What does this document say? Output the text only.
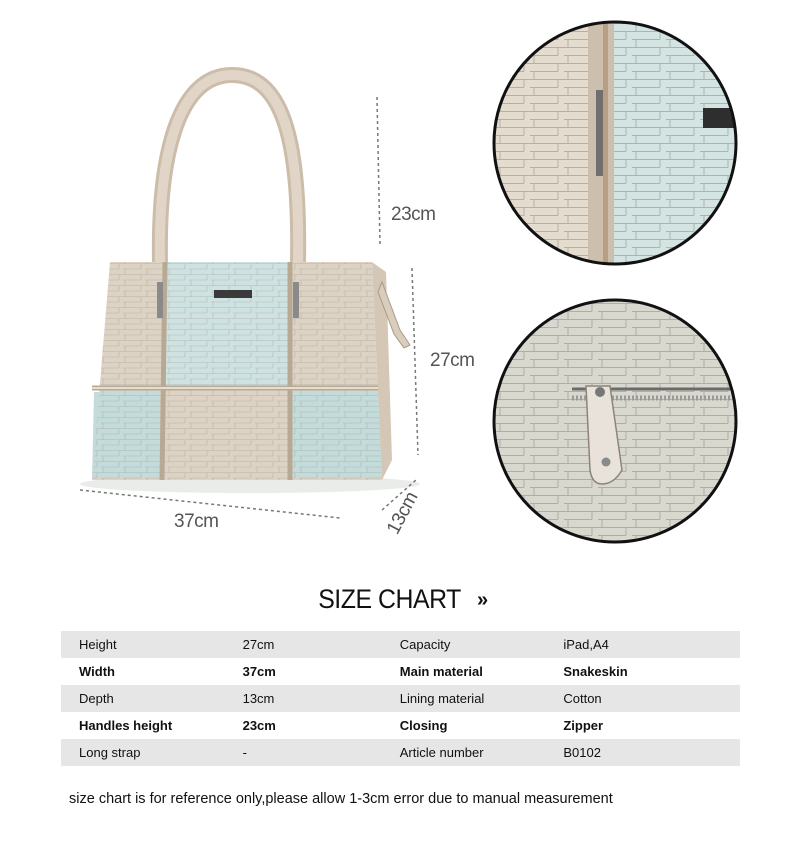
23cm
27cm
37cm	13cm
SIZE CHART »
Height	27cm	Capacity	iPad,A4
Width	37cm	Main material	Snakeskin
Depth	13cm	Lining material	Cotton
Handles height	23cm	Closing	Zipper
Long strap	-	Article number	B0102
size chart is for reference only,please allow 1-3cm error due to manual measurement
